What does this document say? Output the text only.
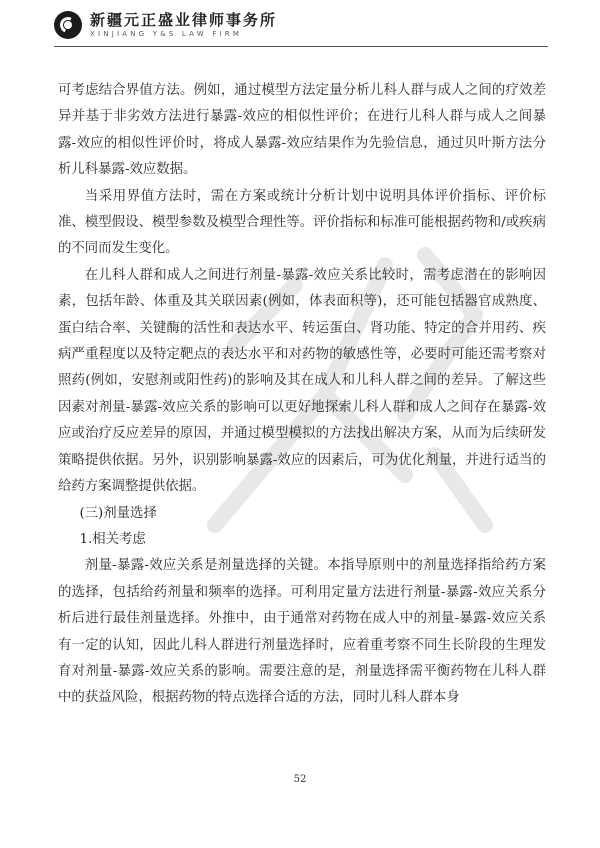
新疆元正盛业律师事务所
XINJIANG Y&S LAW FIRM

可考虑结合界值方法。例如，通过模型方法定量分析儿科人群与成人之间的疗效差异并基于非劣效方法进行暴露-效应的相似性评价；在进行儿科人群与成人之间暴露-效应的相似性评价时，将成人暴露-效应结果作为先验信息，通过贝叶斯方法分析儿科暴露-效应数据。

当采用界值方法时，需在方案或统计分析计划中说明具体评价指标、评价标准、模型假设、模型参数及模型合理性等。评价指标和标准可能根据药物和/或疾病的不同而发生变化。

在儿科人群和成人之间进行剂量-暴露-效应关系比较时，需考虑潜在的影响因素，包括年龄、体重及其关联因素(例如，体表面积等)，还可能包括器官成熟度、蛋白结合率、关键酶的活性和表达水平、转运蛋白、肾功能、特定的合并用药、疾病严重程度以及特定靶点的表达水平和对药物的敏感性等，必要时可能还需考察对照药(例如，安慰剂或阳性药)的影响及其在成人和儿科人群之间的差异。了解这些因素对剂量-暴露-效应关系的影响可以更好地探索儿科人群和成人之间存在暴露-效应或治疗反应差异的原因，并通过模型模拟的方法找出解决方案，从而为后续研发策略提供依据。另外，识别影响暴露-效应的因素后，可为优化剂量，并进行适当的给药方案调整提供依据。

(三)剂量选择

1.相关考虑

剂量-暴露-效应关系是剂量选择的关键。本指导原则中的剂量选择指给药方案的选择，包括给药剂量和频率的选择。可利用定量方法进行剂量-暴露-效应关系分析后进行最佳剂量选择。外推中，由于通常对药物在成人中的剂量-暴露-效应关系有一定的认知，因此儿科人群进行剂量选择时，应着重考察不同生长阶段的生理发育对剂量-暴露-效应关系的影响。需要注意的是，剂量选择需平衡药物在儿科人群中的获益风险，根据药物的特点选择合适的方法，同时儿科人群本身

52
